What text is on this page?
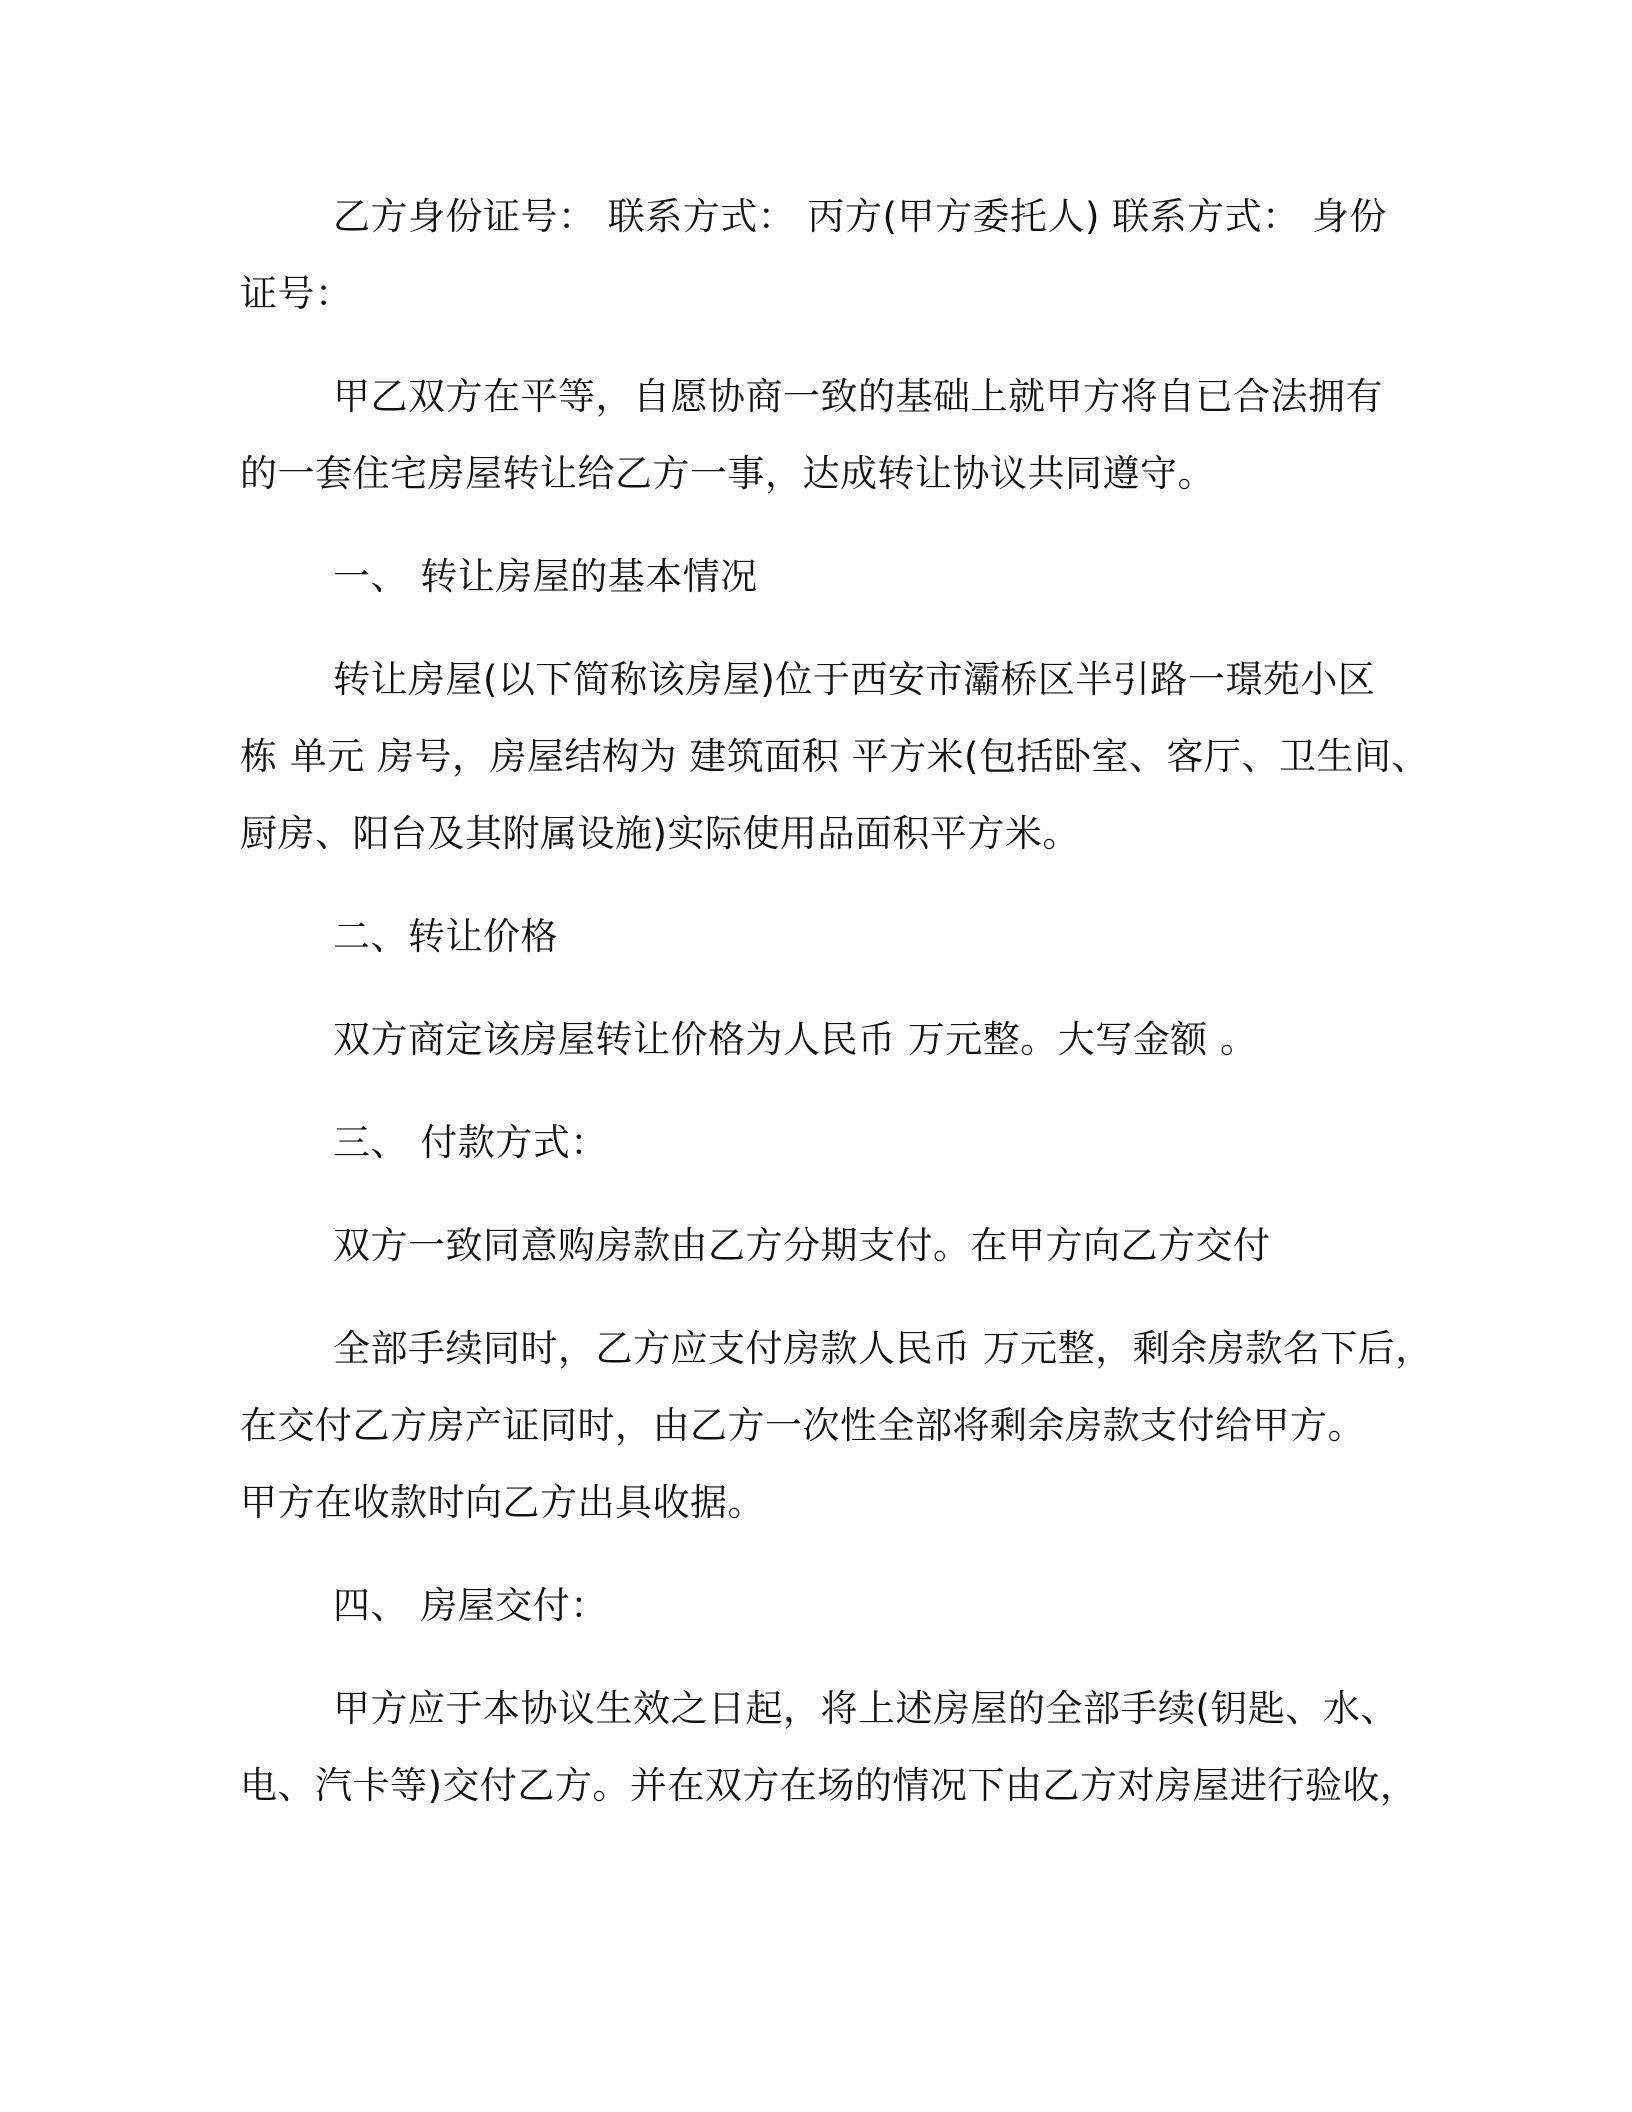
乙方身份证号： 联系方式： 丙方(甲方委托人) 联系方式： 身份
证号：
甲乙双方在平等，自愿协商一致的基础上就甲方将自已合法拥有
的一套住宅房屋转让给乙方一事，达成转让协议共同遵守。
一、 转让房屋的基本情况
转让房屋(以下简称该房屋)位于西安市灞桥区半引路一璟苑小区
栋 单元 房号，房屋结构为 建筑面积 平方米(包括卧室、客厅、卫生间、
厨房、阳台及其附属设施)实际使用品面积平方米。
二、转让价格
双方商定该房屋转让价格为人民币 万元整。大写金额 。
三、 付款方式：
双方一致同意购房款由乙方分期支付。在甲方向乙方交付
全部手续同时，乙方应支付房款人民币 万元整，剩余房款名下后，
在交付乙方房产证同时，由乙方一次性全部将剩余房款支付给甲方。
甲方在收款时向乙方出具收据。
四、 房屋交付：
甲方应于本协议生效之日起，将上述房屋的全部手续(钥匙、水、
电、汽卡等)交付乙方。并在双方在场的情况下由乙方对房屋进行验收，
